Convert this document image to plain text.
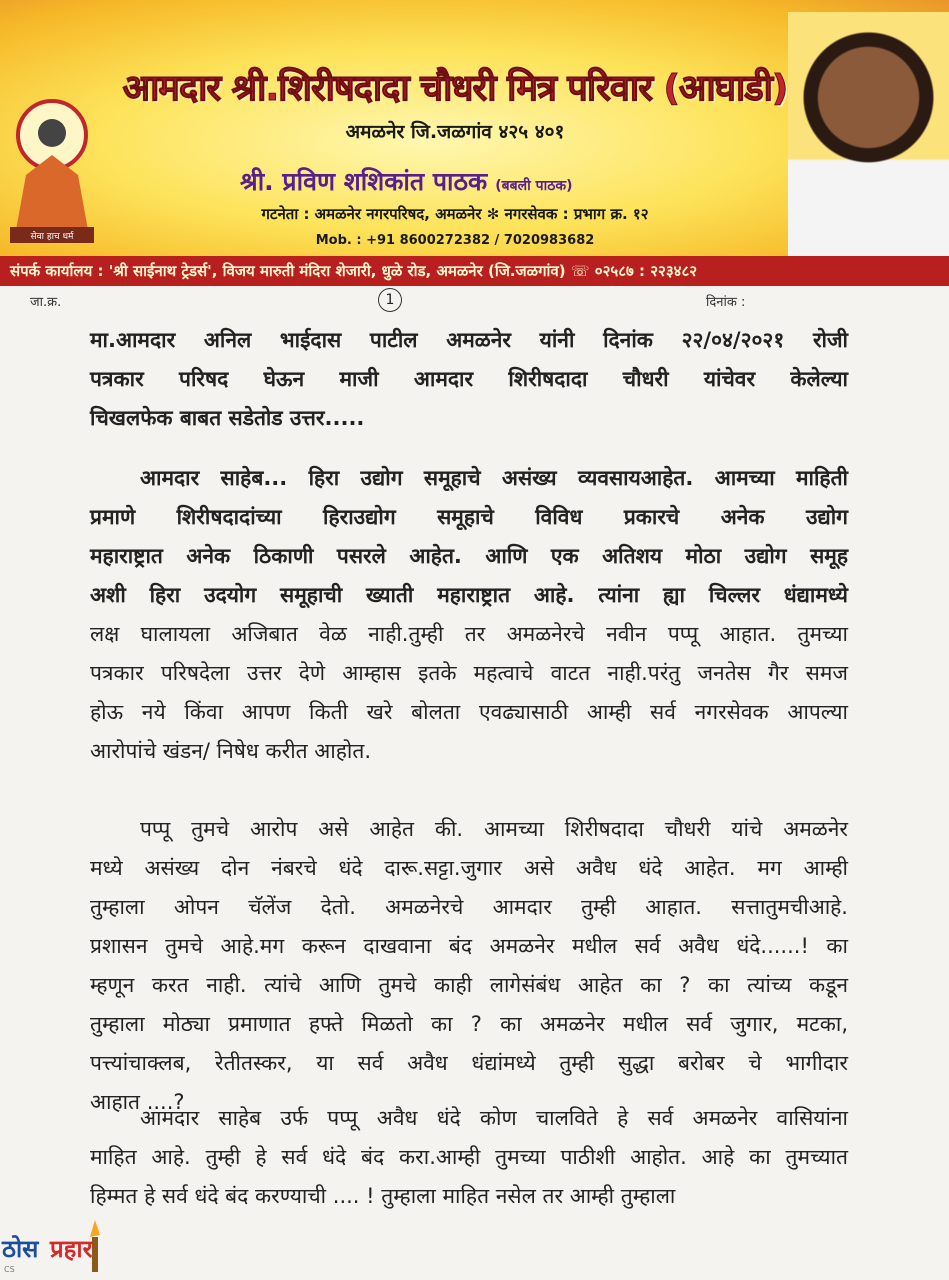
सेवा हाच धर्म
आमदार श्री.शिरीषदादा चौधरी मित्र परिवार (आघाडी)
अमळनेर जि.जळगांव ४२५ ४०१
श्री. प्रविण शशिकांत पाठक (बबली पाठक)
गटनेता : अमळनेर नगरपरिषद, अमळनेर ✻ नगरसेवक : प्रभाग क्र. १२
Mob. : +91 8600272382 / 7020983682
संपर्क कार्यालय : 'श्री साईनाथ ट्रेडर्स', विजय मारुती मंदिरा शेजारी, धुळे रोड, अमळनेर (जि.जळगांव) ☏ ०२५८७ : २२३४८२
जा.क्र.	1	दिनांक :
मा.आमदार अनिल भाईदास पाटील अमळनेर यांनी दिनांक २२/०४/२०२१ रोजी
पत्रकार परिषद घेऊन माजी आमदार शिरीषदादा चौधरी यांचेवर केलेल्या
चिखलफेक बाबत सडेतोड उत्तर.....
आमदार साहेब... हिरा उद्योग समूहाचे असंख्य व्यवसायआहेत. आमच्या माहिती
प्रमाणे शिरीषदादांच्या हिराउद्योग समूहाचे विविध प्रकारचे अनेक उद्योग
महाराष्ट्रात अनेक ठिकाणी पसरले आहेत. आणि एक अतिशय मोठा उद्योग समूह
अशी हिरा उदयोग समूहाची ख्याती महाराष्ट्रात आहे. त्यांना ह्या चिल्लर धंद्यामध्ये
लक्ष घालायला अजिबात वेळ नाही.तुम्ही तर अमळनेरचे नवीन पप्पू आहात. तुमच्या
पत्रकार परिषदेला उत्तर देणे आम्हास इतके महत्वाचे वाटत नाही.परंतु जनतेस गैर समज
होऊ नये किंवा आपण किती खरे बोलता एवढ्यासाठी आम्ही सर्व नगरसेवक आपल्या
आरोपांचे खंडन/ निषेध करीत आहोत.
पप्पू तुमचे आरोप असे आहेत की. आमच्या शिरीषदादा चौधरी यांचे अमळनेर
मध्ये असंख्य दोन नंबरचे धंदे दारू.सट्टा.जुगार असे अवैध धंदे आहेत. मग आम्ही
तुम्हाला ओपन चॅलेंज देतो. अमळनेरचे आमदार तुम्ही आहात. सत्तातुमचीआहे.
प्रशासन तुमचे आहे.मग करून दाखवाना बंद अमळनेर मधील सर्व अवैध धंदे......! का
म्हणून करत नाही. त्यांचे आणि तुमचे काही लागेसंबंध आहेत का ? का त्यांच्य कडून
तुम्हाला मोठ्या प्रमाणात हफ्ते मिळतो का ? का अमळनेर मधील सर्व जुगार, मटका,
पत्त्यांचाक्लब, रेतीतस्कर, या सर्व अवैध धंद्यांमध्ये तुम्ही सुद्धा बरोबर चे भागीदार
आहात ....?
आमदार साहेब उर्फ पप्पू अवैध धंदे कोण चालविते हे सर्व अमळनेर वासियांना
माहित आहे. तुम्ही हे सर्व धंदे बंद करा.आम्ही तुमच्या पाठीशी आहोत. आहे का तुमच्यात
हिम्मत हे सर्व धंदे बंद करण्याची .... ! तुम्हाला माहित नसेल तर आम्ही तुम्हाला
ठोस प्रहार
CS
